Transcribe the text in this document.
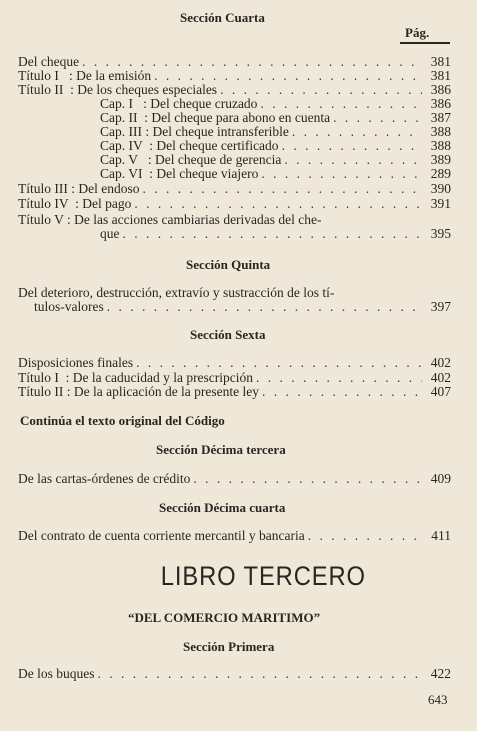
Sección Cuarta
Pág.
Del cheque . . .	381
Título I   : De la emisión . . .	381
Título II  : De los cheques especiales . . .	386
Cap. I   : Del cheque cruzado . . .	386
Cap. II  : Del cheque para abono en cuenta . . .	387
Cap. III : Del cheque intransferible . . .	388
Cap. IV  : Del cheque certificado . . .	388
Cap. V   : Del cheque de gerencia . . .	389
Cap. VI  : Del cheque viajero . . .	289
Título III : Del endoso . . .	390
Título IV  : Del pago . . .	391
Título V : De las acciones cambiarias derivadas del che-
que . . .	395
Sección Quinta
Del deterioro, destrucción, extravío y sustracción de los tí-
tulos-valores . . .	397
Sección Sexta
Disposiciones finales . . .	402
Título I  : De la caducidad y la prescripción . . .	402
Título II : De la aplicación de la presente ley . . .	407
Continúa el texto original del Código
Sección Décima tercera
De las cartas-órdenes de crédito . . .	409
Sección Décima cuarta
Del contrato de cuenta corriente mercantil y bancaria . . .	411
LIBRO TERCERO
“DEL COMERCIO MARITIMO”
Sección Primera
De los buques . . .	422
643
